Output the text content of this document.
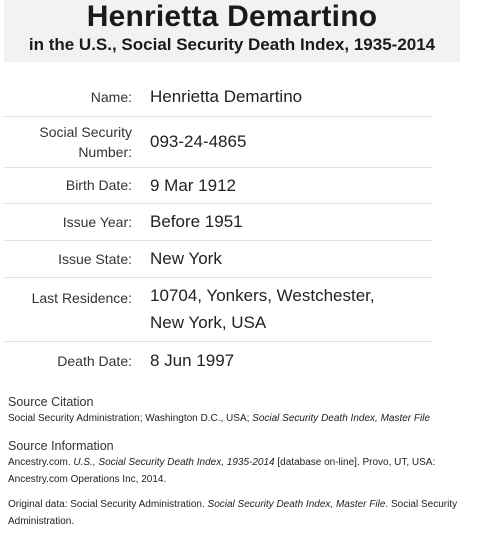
Henrietta Demartino
in the U.S., Social Security Death Index, 1935-2014
Name:	Henrietta Demartino
Social Security Number:	093-24-4865
Birth Date:	9 Mar 1912
Issue Year:	Before 1951
Issue State:	New York
Last Residence:	10704, Yonkers, Westchester, New York, USA
Death Date:	8 Jun 1997
Source Citation
Social Security Administration; Washington D.C., USA; Social Security Death Index, Master File
Source Information
Ancestry.com. U.S., Social Security Death Index, 1935-2014 [database on-line]. Provo, UT, USA: Ancestry.com Operations Inc, 2014.
Original data: Social Security Administration. Social Security Death Index, Master File. Social Security Administration.
